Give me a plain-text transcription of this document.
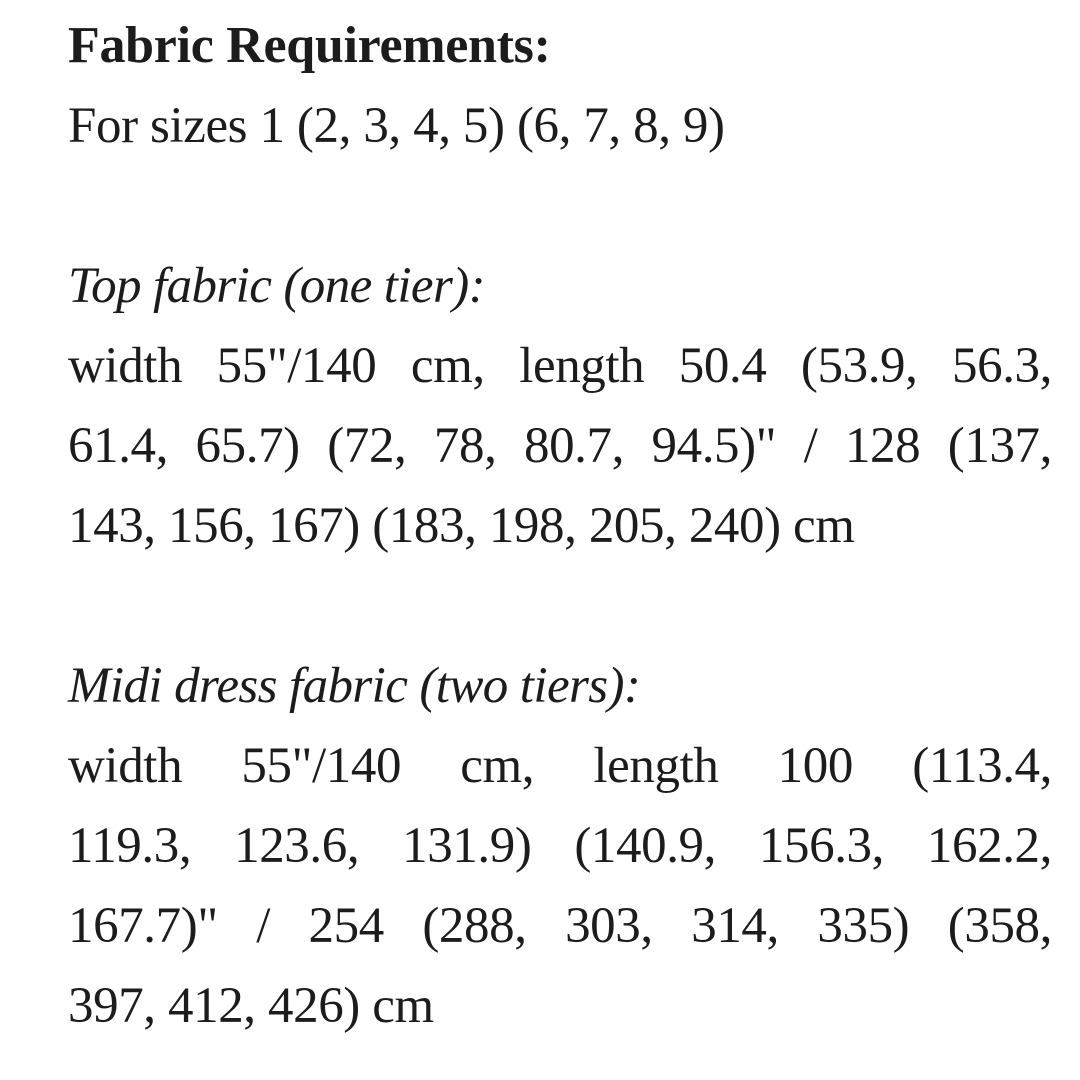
Fabric Requirements:

For sizes 1 (2, 3, 4, 5) (6, 7, 8, 9)

Top fabric (one tier):

width 55"/140 cm, length 50.4 (53.9, 56.3,
61.4, 65.7) (72, 78, 80.7, 94.5)" / 128 (137,
143, 156, 167) (183, 198, 205, 240) cm

Midi dress fabric (two tiers):

width 55"/140 cm, length 100 (113.4,
119.3, 123.6, 131.9) (140.9, 156.3, 162.2,
167.7)" / 254 (288, 303, 314, 335) (358,
397, 412, 426) cm
